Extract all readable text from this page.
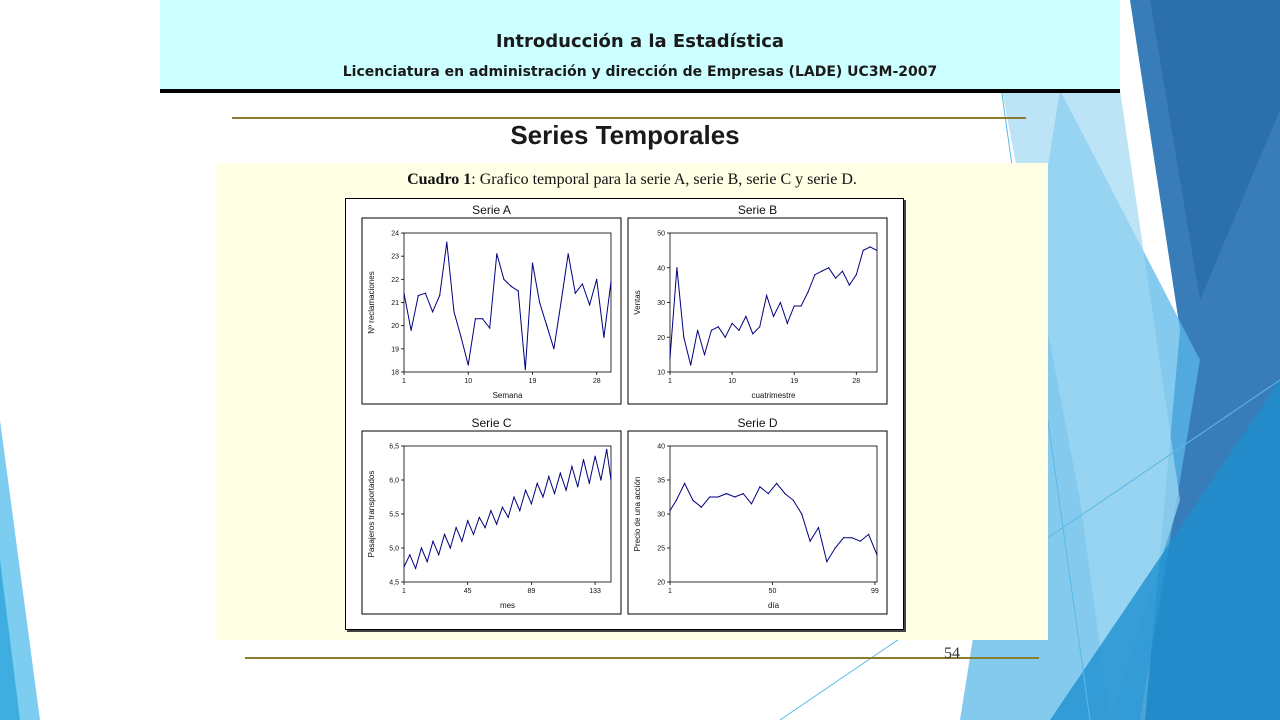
Introducción a la Estadística
Licenciatura en administración y dirección de Empresas (LADE) UC3M-2007
Series Temporales
Cuadro 1: Grafico temporal para la serie A, serie B, serie C y serie D.
Serie A
18
19
20
21
22
23
24
1	10	19	28
Semana
Nº reclamaciones
Serie B
10
20
30
40
50
1	10	19	28
cuatrimestre
Ventas
Serie C
4,5
5,0
5,5
6,0
6,5
1	45	89	133
mes
Pasajeros transportados
Serie D
20
25
30
35
40
1	50	99
día
Precio de una acción
54
